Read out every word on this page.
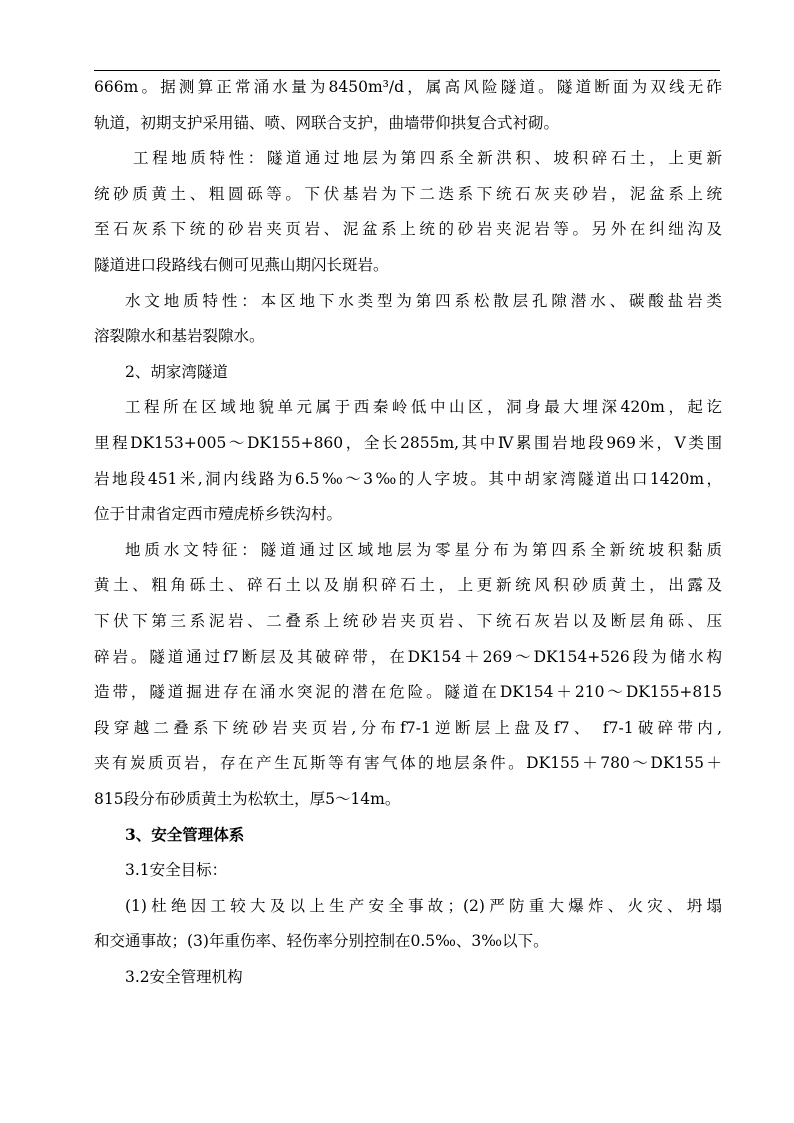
666m。据测算正常涌水量为8450m³/d，属高风险隧道。隧道断面为双线无砟
轨道，初期支护采用锚、喷、网联合支护，曲墙带仰拱复合式衬砌。
工程地质特性：隧道通过地层为第四系全新洪积、坡积碎石土，上更新
统砂质黄土、粗圆砾等。下伏基岩为下二迭系下统石灰夹砂岩，泥盆系上统
至石灰系下统的砂岩夹页岩、泥盆系上统的砂岩夹泥岩等。另外在纠绌沟及
隧道进口段路线右侧可见燕山期闪长斑岩。
水文地质特性：本区地下水类型为第四系松散层孔隙潜水、碳酸盐岩类
溶裂隙水和基岩裂隙水。
2、胡家湾隧道
工程所在区域地貌单元属于西秦岭低中山区，洞身最大埋深420m，起讫
里程DK153+005～DK155+860，全长2855m,其中Ⅳ累围岩地段969米，Ⅴ类围
岩地段451米,洞内线路为6.5‰～3‰的人字坡。其中胡家湾隧道出口1420m，
位于甘肃省定西市殪虎桥乡铁沟村。
地质水文特征：隧道通过区域地层为零星分布为第四系全新统坡积黏质
黄土、粗角砾土、碎石土以及崩积碎石土，上更新统风积砂质黄土，出露及
下伏下第三系泥岩、二叠系上统砂岩夹页岩、下统石灰岩以及断层角砾、压
碎岩。隧道通过f7断层及其破碎带，在DK154＋269～DK154+526段为储水构
造带，隧道掘进存在涌水突泥的潜在危险。隧道在DK154＋210～DK155+815
段穿越二叠系下统砂岩夹页岩,分布f7-1逆断层上盘及f7、 f7-1破碎带内,
夹有炭质页岩，存在产生瓦斯等有害气体的地层条件。DK155＋780～DK155＋
815段分布砂质黄土为松软土，厚5～14m。
3、安全管理体系
3.1安全目标：
(1)杜绝因工较大及以上生产安全事故；(2)严防重大爆炸、火灾、坍塌
和交通事故；(3)年重伤率、轻伤率分别控制在0.5‰、3‰以下。
3.2安全管理机构
